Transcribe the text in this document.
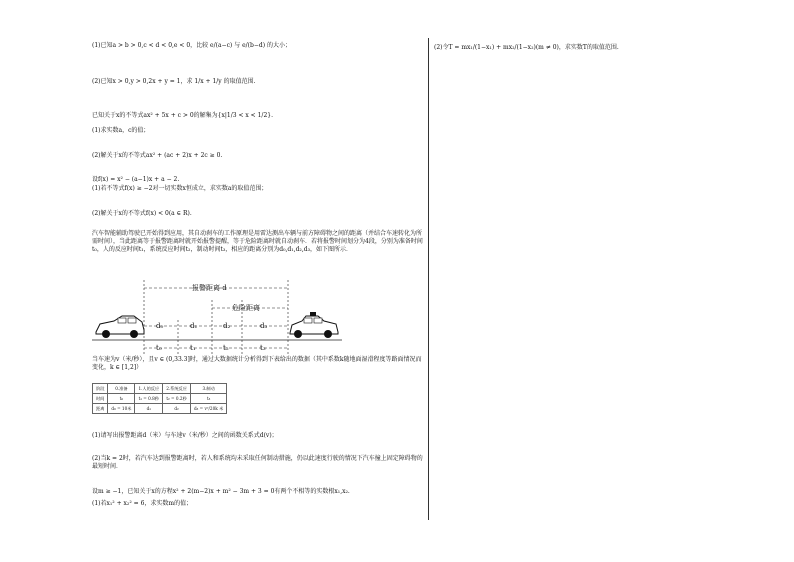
(1)已知a > b > 0,c < d < 0,e < 0，比较 e/(a−c) 与 e/(b−d) 的大小；
(2)已知x > 0,y > 0,2x + y = 1，求 1/x + 1/y 的取值范围.
已知关于x的不等式ax² + 5x + c > 0的解集为{x|1/3 < x < 1/2}.
(1)求实数a，c的值；
(2)解关于x的不等式ax² + (ac + 2)x + 2c ≥ 0.
设f(x) = x² − (a−1)x + a − 2.
(1)若不等式f(x) ≥ −2对一切实数x恒成立，求实数a的取值范围；
(2)解关于x的不等式f(x) < 0(a ∈ R).
汽车智能辅助驾驶已开始得到应用，其自动刹车的工作原理是用雷达测出车辆与前方障碍物之间的距离（并结合车速转化为所需时间），当此距离等于报警距离时就开始报警提醒，等于危险距离时就自动刹车．若将报警时间划分为4段，分别为准备时间t₀，人的反应时间t₁，系统反应时间t₂，制动时间t₃，相应的距离分别为d₀,d₁,d₂,d₃，如下图所示．
报警距离 d
危险距离
d₀	d₁	d₂	d₃
t₀	t₁	t₂	t₃
当车速为v（米/秒），且v ∈ (0,33.3]时，通过大数据统计分析得到下表给出的数据（其中系数k随地面湿滑程度等路面情况而变化，k ∈ [1,2]）
阶段	0.准备	1.人的反应	2.系统反应	3.制动
时间	t₀	t₁ = 0.8秒	t₂ = 0.2秒	t₃
距离	d₀ = 10米	d₁	d₂	d₃ = v²/20k 米
(1)请写出报警距离d（米）与车速v（米/秒）之间的函数关系式d(v)；
(2)当k = 2时，若汽车达到报警距离时，若人和系统均未采取任何制动措施，仍以此速度行驶的情况下汽车撞上固定障碍物的最短时间．
设m ≥ −1，已知关于x的方程x² + 2(m−2)x + m² − 3m + 3 = 0有两个不相等的实数根x₁,x₂.
(1)若x₁² + x₂² = 6，求实数m的值；
(2)令T = mx₁/(1−x₁) + mx₂/(1−x₂)(m ≠ 0)，求实数T的取值范围.
